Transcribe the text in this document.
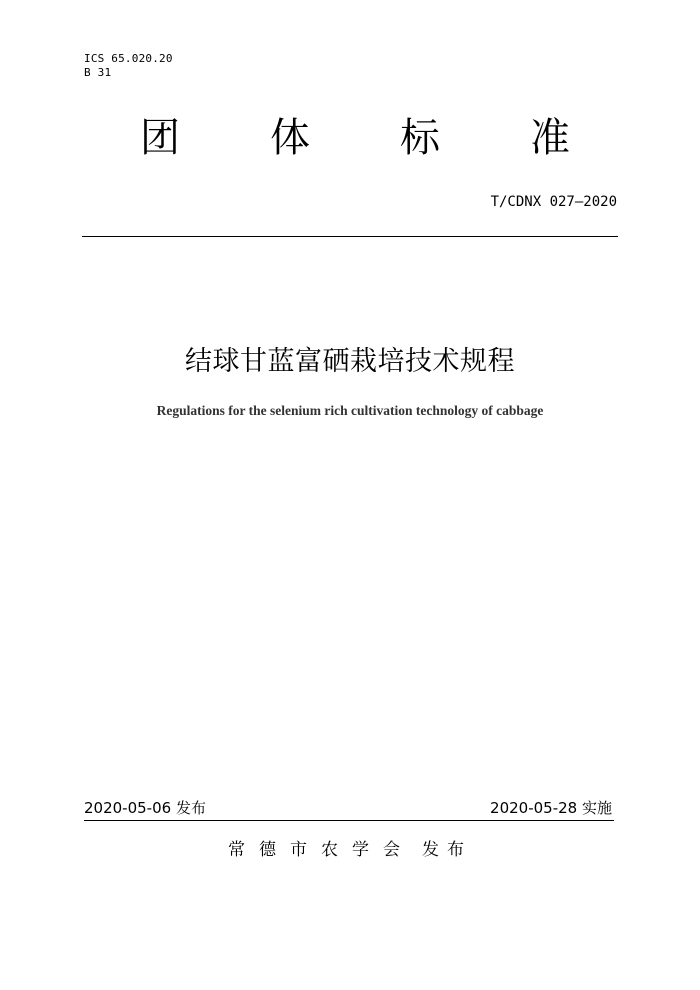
ICS 65.020.20
B 31
团 体 标 准
T/CDNX 027—2020
结球甘蓝富硒栽培技术规程
Regulations for the selenium rich cultivation technology of cabbage
2020-05-06 发布	2020-05-28 实施
常德市农学会 发布
